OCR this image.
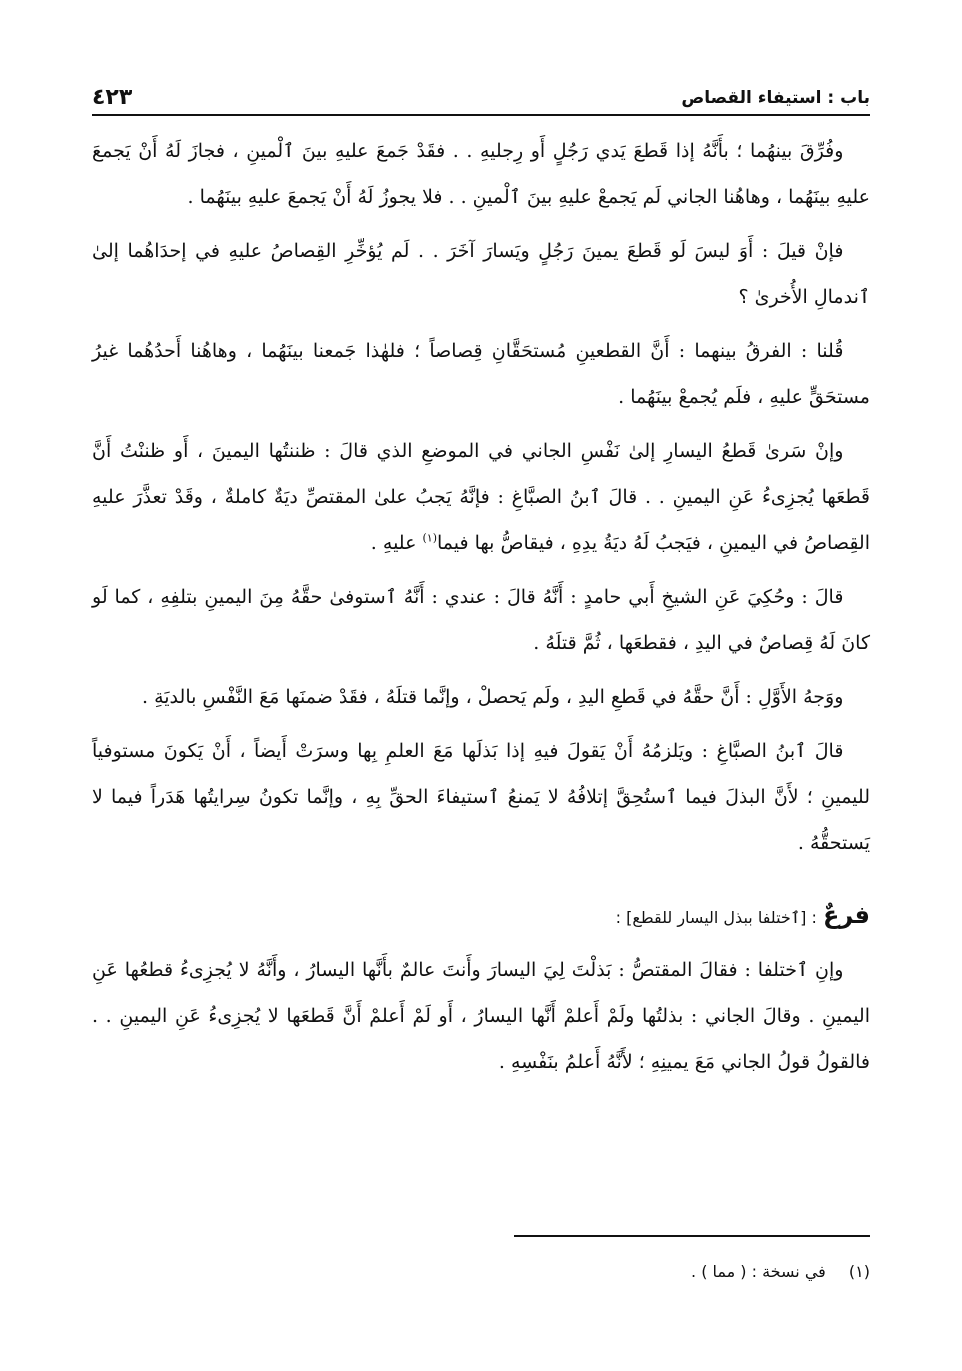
باب : استيفاء القصاص
٤٢٣

وفُرِّقَ بينهُما ؛ بأَنَّهُ إذا قَطعَ يَدي رَجُلٍ أَو رِجليهِ . . فقَدْ جَمعَ عليهِ بينَ ٱلْمينِ ، فجازَ لَهُ أَنْ يَجمعَ عليهِ بينَهُما ، وهاهُنا الجاني لَم يَجمعْ عليهِ بينَ ٱلْمينِ . . فلا يجوزُ لَهُ أَنْ يَجمعَ عليهِ بينَهُما .

فإنْ قيلَ : أَوَ ليسَ لَو قَطعَ يمينَ رَجُلٍ ويَسارَ آخَرَ . . لَم يُؤخِّرِ القِصاصُ عليهِ في إحدَاهُما إلىٰ ٱندمالِ الأُخرىٰ ؟

قُلنا : الفرقُ بينهما : أَنَّ القطعينِ مُستحَقَّانِ قِصاصاً ؛ فلهٰذا جَمعنا بينَهُما ، وهاهُنا أَحدُهُما غيرُ مستحَقٍّ عليهِ ، فلَم يُجمعْ بينَهُما .

وإنْ سَرىٰ قَطعُ اليسارِ إلىٰ نَفْسِ الجاني في الموضعِ الذي قالَ : ظننتُها اليمينَ ، أَو ظننْتُ أَنَّ قَطعَها يُجزِىءُ عَنِ اليمينِ . . قالَ ٱبنُ الصبَّاغِ : فإنَّهُ يَجبُ علىٰ المقتصِّ ديَةٌ كاملةٌ ، وقَدْ تعذَّرَ عليهِ القِصاصُ في اليمينِ ، فيَجبُ لَهُ ديَةُ يدِهِ ، فيقاصُّ بها فيما$^{(١)}$ عليهِ .

قالَ : وحُكِيَ عَنِ الشيخِ أَبي حامدٍ : أَنَّهُ قالَ : عندي : أَنَّهُ ٱستوفىٰ حقَّهُ مِنَ اليمينِ بتلفِهِ ، كما لَو كانَ لَهُ قِصاصٌ في اليدِ ، فقطعَها ، ثُمَّ قتلَهُ .

ووَجهُ الأَوَّلِ : أَنَّ حقَّهُ في قَطعِ اليدِ ، ولَم يَحصلْ ، وإنَّما قتلَهُ ، فقَدْ ضمنَها مَعَ النَّفْسِ بالديَةِ .

قالَ ٱبنُ الصبَّاغِ : ويَلزمُهُ أَنْ يَقولَ فيهِ إذا بَذلَها مَعَ العلمِ بِها وسرَتْ أَيضاً ، أَنْ يَكونَ مستوفياً لليمينِ ؛ لأَنَّ البذلَ فيما ٱستُحِقَّ إتلافُهُ لا يَمنعُ ٱستيفاءَ الحقِّ بِهِ ، وإنَّما تكونُ سِرايتُها هَدَراً فيما لا يَستحقُّهُ .

فرعٌ : [ٱختلفا ببذل اليسار للقطع] :

وإنِ ٱختلفا : فقالَ المقتصُّ : بَذلْتَ لِيَ اليسارَ وأَنتَ عالمٌ بأَنَّها اليسارُ ، وأَنَّهُ لا يُجزِىءُ قطعُها عَنِ اليمينِ . وقالَ الجاني : بذلتُها ولَمْ أَعلمْ أَنَّها اليسارُ ، أَو لَمْ أَعلمْ أَنَّ قَطعَها لا يُجزِىءُ عَنِ اليمينِ . . فالقولُ قولُ الجاني مَعَ يمينِهِ ؛ لأَنَّهُ أَعلمُ بنَفْسِهِ .

(١) في نسخة : ( مما ) .
